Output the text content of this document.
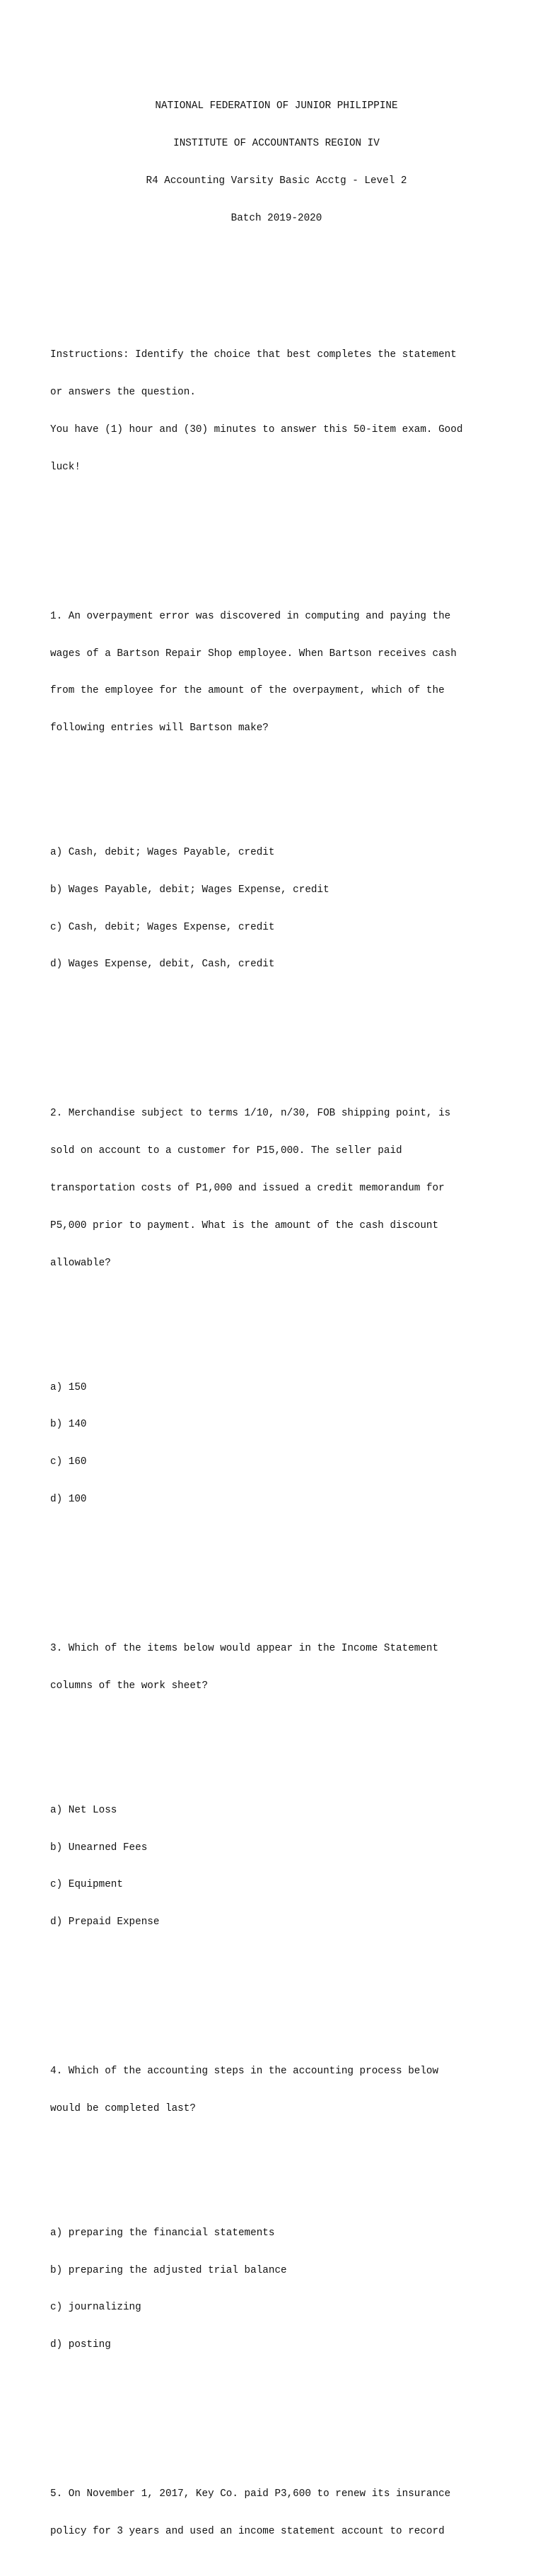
NATIONAL FEDERATION OF JUNIOR PHILIPPINE

INSTITUTE OF ACCOUNTANTS REGION IV

R4 Accounting Varsity Basic Acctg - Level 2

Batch 2019-2020

Instructions: Identify the choice that best completes the statement

or answers the question.

You have (1) hour and (30) minutes to answer this 50-item exam. Good

luck!

1. An overpayment error was discovered in computing and paying the

wages of a Bartson Repair Shop employee. When Bartson receives cash

from the employee for the amount of the overpayment, which of the

following entries will Bartson make?

a) Cash, debit; Wages Payable, credit

b) Wages Payable, debit; Wages Expense, credit

c) Cash, debit; Wages Expense, credit

d) Wages Expense, debit, Cash, credit

2. Merchandise subject to terms 1/10, n/30, FOB shipping point, is

sold on account to a customer for P15,000. The seller paid

transportation costs of P1,000 and issued a credit memorandum for

P5,000 prior to payment. What is the amount of the cash discount

allowable?

a) 150

b) 140

c) 160

d) 100

3. Which of the items below would appear in the Income Statement

columns of the work sheet?

a) Net Loss

b) Unearned Fees

c) Equipment

d) Prepaid Expense

4. Which of the accounting steps in the accounting process below

would be completed last?

a) preparing the financial statements

b) preparing the adjusted trial balance

c) journalizing

d) posting

5. On November 1, 2017, Key Co. paid P3,600 to renew its insurance

policy for 3 years and used an income statement account to record
